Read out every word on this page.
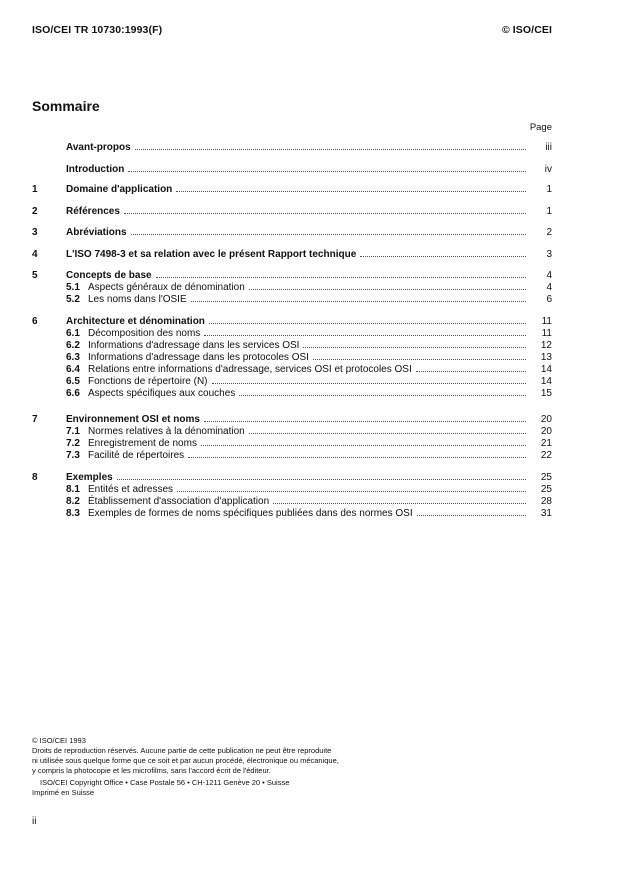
ISO/CEI TR 10730:1993(F)	© ISO/CEI
Sommaire
Page
Avant-propos	iii
Introduction	iv
1	Domaine d'application	1
2	Références	1
3	Abréviations	2
4	L'ISO 7498-3 et sa relation avec le présent Rapport technique	3
5	Concepts de base	4
5.1 Aspects généraux de dénomination	4
5.2 Les noms dans l'OSIE	6
6	Architecture et dénomination	11
6.1 Décomposition des noms	11
6.2 Informations d'adressage dans les services OSI	12
6.3 Informations d'adressage dans les protocoles OSI	13
6.4 Relations entre informations d'adressage, services OSI et protocoles OSI	14
6.5 Fonctions de répertoire (N)	14
6.6 Aspects spécifiques aux couches	15
7	Environnement OSI et noms	20
7.1 Normes relatives à la dénomination	20
7.2 Enregistrement de noms	21
7.3 Facilité de répertoires	22
8	Exemples	25
8.1 Entités et adresses	25
8.2 Établissement d'association d'application	28
8.3 Exemples de formes de noms spécifiques publiées dans des normes OSI	31

© ISO/CEI 1993

Droits de reproduction réservés. Aucune partie de cette publication ne peut être reproduite

ni utilisée sous quelque forme que ce soit et par aucun procédé, électronique ou mécanique,

y compris la photocopie et les microfilms, sans l'accord écrit de l'éditeur.

ISO/CEI Copyright Office • Case Postale 56 • CH-1211 Genève 20 • Suisse

Imprimé en Suisse

ii
